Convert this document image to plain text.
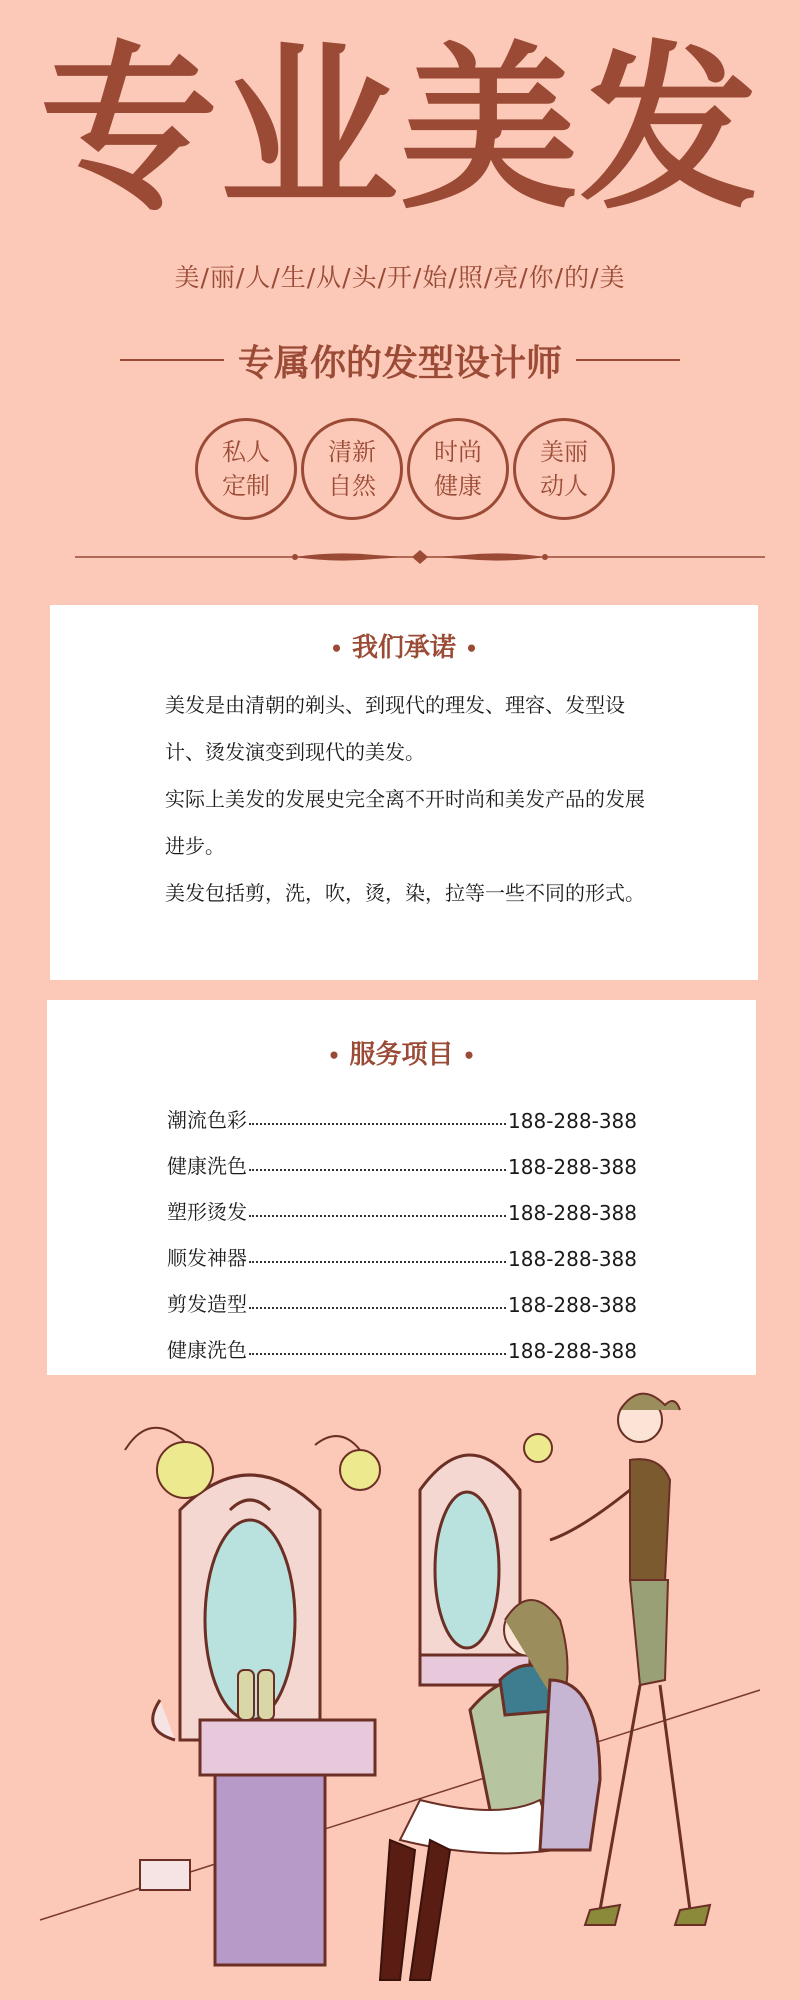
专业美发
美/丽/人/生/从/头/开/始/照/亮/你/的/美
专属你的发型设计师
私人
定制
清新
自然
时尚
健康
美丽
动人
• 我们承诺 •
美发是由清朝的剃头、到现代的理发、理容、发型设计、烫发演变到现代的美发。
实际上美发的发展史完全离不开时尚和美发产品的发展进步。
美发包括剪，洗，吹，烫，染，拉等一些不同的形式。
• 服务项目 •
潮流色彩	188-288-388
健康洗色	188-288-388
塑形烫发	188-288-388
顺发神器	188-288-388
剪发造型	188-288-388
健康洗色	188-288-388
